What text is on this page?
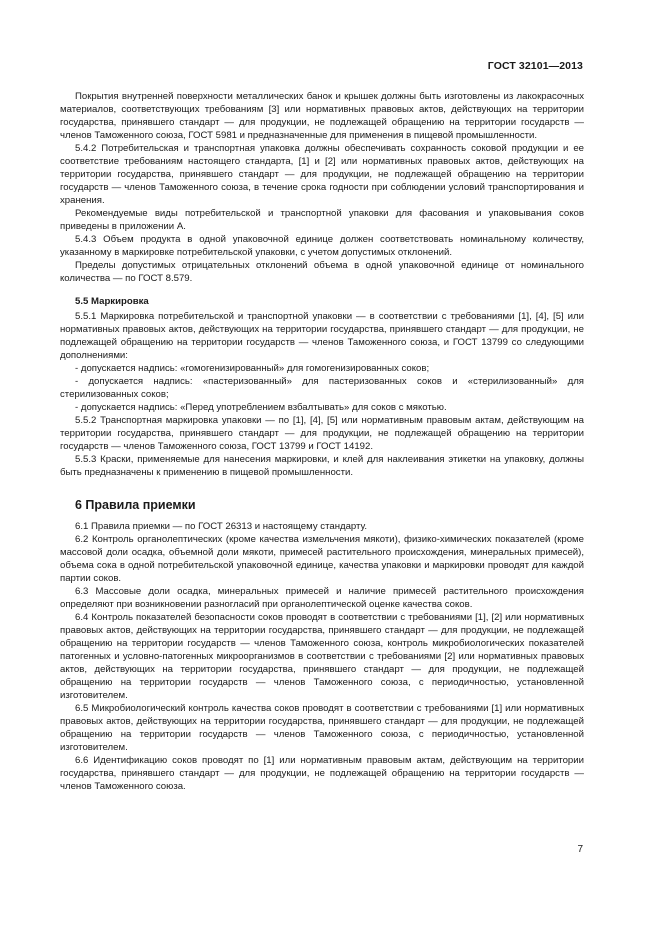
ГОСТ 32101—2013

Покрытия внутренней поверхности металлических банок и крышек должны быть изготовлены из лакокрасочных материалов, соответствующих требованиям [3] или нормативных правовых актов, действующих на территории государства, принявшего стандарт — для продукции, не подлежащей обращению на территории государств — членов Таможенного союза, ГОСТ 5981 и предназначенные для применения в пищевой промышленности.

5.4.2 Потребительская и транспортная упаковка должны обеспечивать сохранность соковой продукции и ее соответствие требованиям настоящего стандарта, [1] и [2] или нормативных правовых актов, действующих на территории государства, принявшего стандарт — для продукции, не подлежащей обращению на территории государств — членов Таможенного союза, в течение срока годности при соблюдении условий транспортирования и хранения.

Рекомендуемые виды потребительской и транспортной упаковки для фасования и упаковывания соков приведены в приложении А.

5.4.3 Объем продукта в одной упаковочной единице должен соответствовать номинальному количеству, указанному в маркировке потребительской упаковки, с учетом допустимых отклонений.

Пределы допустимых отрицательных отклонений объема в одной упаковочной единице от номинального количества — по ГОСТ 8.579.

5.5 Маркировка

5.5.1 Маркировка потребительской и транспортной упаковки — в соответствии с требованиями [1], [4], [5] или нормативных правовых актов, действующих на территории государства, принявшего стандарт — для продукции, не подлежащей обращению на территории государств — членов Таможенного союза, и ГОСТ 13799 со следующими дополнениями:

- допускается надпись: «гомогенизированный» для гомогенизированных соков;

- допускается надпись: «пастеризованный» для пастеризованных соков и «стерилизованный» для стерилизованных соков;

- допускается надпись: «Перед употреблением взбалтывать» для соков с мякотью.

5.5.2 Транспортная маркировка упаковки — по [1], [4], [5] или нормативным правовым актам, действующим на территории государства, принявшего стандарт — для продукции, не подлежащей обращению на территории государств — членов Таможенного союза, ГОСТ 13799 и ГОСТ 14192.

5.5.3 Краски, применяемые для нанесения маркировки, и клей для наклеивания этикетки на упаковку, должны быть предназначены к применению в пищевой промышленности.

6 Правила приемки

6.1 Правила приемки — по ГОСТ 26313 и настоящему стандарту.

6.2 Контроль органолептических (кроме качества измельчения мякоти), физико-химических показателей (кроме массовой доли осадка, объемной доли мякоти, примесей растительного происхождения, минеральных примесей), объема сока в одной потребительской упаковочной единице, качества упаковки и маркировки проводят для каждой партии соков.

6.3 Массовые доли осадка, минеральных примесей и наличие примесей растительного происхождения определяют при возникновении разногласий при органолептической оценке качества соков.

6.4 Контроль показателей безопасности соков проводят в соответствии с требованиями [1], [2] или нормативных правовых актов, действующих на территории государства, принявшего стандарт — для продукции, не подлежащей обращению на территории государств — членов Таможенного союза, контроль микробиологических показателей патогенных и условно-патогенных микроорганизмов в соответствии с требованиями [2] или нормативных правовых актов, действующих на территории государства, принявшего стандарт — для продукции, не подлежащей обращению на территории государств — членов Таможенного союза, с периодичностью, установленной изготовителем.

6.5 Микробиологический контроль качества соков проводят в соответствии с требованиями [1] или нормативных правовых актов, действующих на территории государства, принявшего стандарт — для продукции, не подлежащей обращению на территории государств — членов Таможенного союза, с периодичностью, установленной изготовителем.

6.6 Идентификацию соков проводят по [1] или нормативным правовым актам, действующим на территории государства, принявшего стандарт — для продукции, не подлежащей обращению на территории государств — членов Таможенного союза.

7
